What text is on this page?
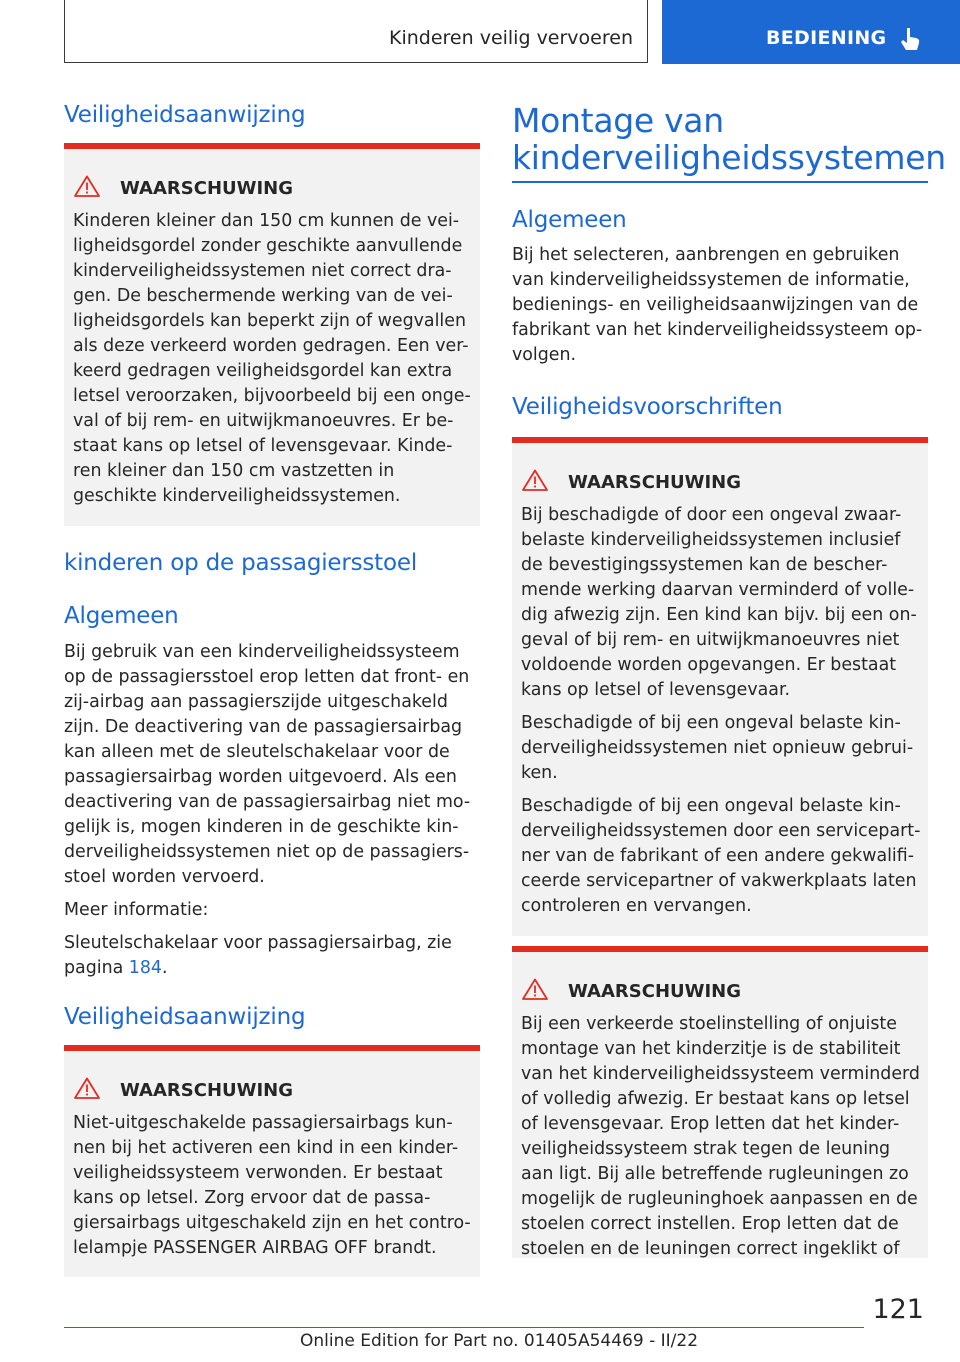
Kinderen veilig vervoeren	BEDIENING
Veiligheidsaanwijzing
WAARSCHUWING

Kinderen kleiner dan 150 cm kunnen de vei-
ligheidsgordel zonder geschikte aanvullende
kinderveiligheidssystemen niet correct dra-
gen. De beschermende werking van de vei-
ligheidsgordels kan beperkt zijn of wegvallen
als deze verkeerd worden gedragen. Een ver-
keerd gedragen veiligheidsgordel kan extra
letsel veroorzaken, bijvoorbeeld bij een onge-
val of bij rem- en uitwijkmanoeuvres. Er be-
staat kans op letsel of levensgevaar. Kinde-
ren kleiner dan 150 cm vastzetten in
geschikte kinderveiligheidssystemen.

kinderen op de passagiersstoel
Algemeen

Bij gebruik van een kinderveiligheidssysteem
op de passagiersstoel erop letten dat front- en
zij-airbag aan passagierszijde uitgeschakeld
zijn. De deactivering van de passagiersairbag
kan alleen met de sleutelschakelaar voor de
passagiersairbag worden uitgevoerd. Als een
deactivering van de passagiersairbag niet mo-
gelijk is, mogen kinderen in de geschikte kin-
derveiligheidssystemen niet op de passagiers-
stoel worden vervoerd.

Meer informatie:

Sleutelschakelaar voor passagiersairbag, zie
pagina 184.

Veiligheidsaanwijzing
WAARSCHUWING

Niet-uitgeschakelde passagiersairbags kun-
nen bij het activeren een kind in een kinder-
veiligheidssysteem verwonden. Er bestaat
kans op letsel. Zorg ervoor dat de passa-
giersairbags uitgeschakeld zijn en het contro-
lelampje PASSENGER AIRBAG OFF brandt.

Montage van
kinderveiligheidssystemen
Algemeen

Bij het selecteren, aanbrengen en gebruiken
van kinderveiligheidssystemen de informatie,
bedienings- en veiligheidsaanwijzingen van de
fabrikant van het kinderveiligheidssysteem op-
volgen.

Veiligheidsvoorschriften
WAARSCHUWING

Bij beschadigde of door een ongeval zwaar-
belaste kinderveiligheidssystemen inclusief
de bevestigingssystemen kan de bescher-
mende werking daarvan verminderd of volle-
dig afwezig zijn. Een kind kan bijv. bij een on-
geval of bij rem- en uitwijkmanoeuvres niet
voldoende worden opgevangen. Er bestaat
kans op letsel of levensgevaar.

Beschadigde of bij een ongeval belaste kin-
derveiligheidssystemen niet opnieuw gebrui-
ken.

Beschadigde of bij een ongeval belaste kin-
derveiligheidssystemen door een servicepart-
ner van de fabrikant of een andere gekwalifi-
ceerde servicepartner of vakwerkplaats laten
controleren en vervangen.

WAARSCHUWING

Bij een verkeerde stoelinstelling of onjuiste
montage van het kinderzitje is de stabiliteit
van het kinderveiligheidssysteem verminderd
of volledig afwezig. Er bestaat kans op letsel
of levensgevaar. Erop letten dat het kinder-
veiligheidssysteem strak tegen de leuning
aan ligt. Bij alle betreffende rugleuningen zo
mogelijk de rugleuninghoek aanpassen en de
stoelen correct instellen. Erop letten dat de
stoelen en de leuningen correct ingeklikt of

121
Online Edition for Part no. 01405A54469 - II/22
